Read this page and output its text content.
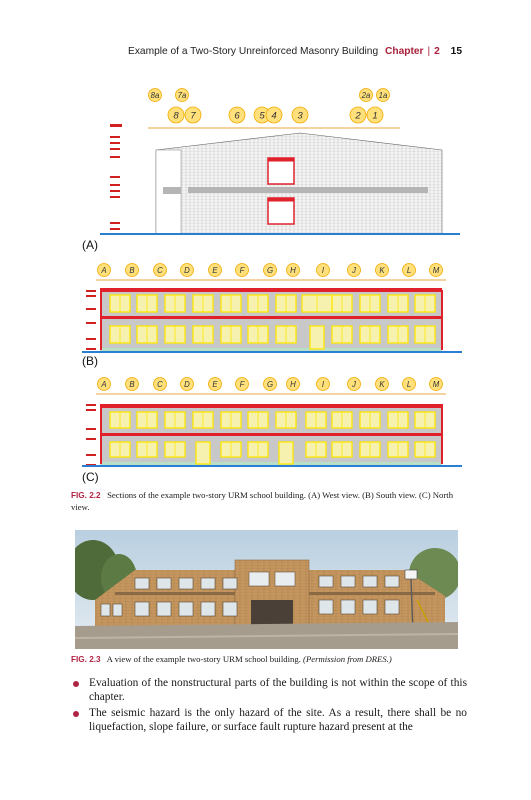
Example of a Two-Story Unreinforced Masonry Building Chapter | 2 15
8a 7a	2a 1a
8 7	6 5 4 3	2 1
(A)
A	B	C	D	E	F	G H	I	J	K	L	M
(B)
A	B	C	D	E	F	G H	I	J	K	L	M
(C)
FIG. 2.2 Sections of the example two-story URM school building. (A) West view. (B) South view. (C) North view.
FIG. 2.3 A view of the example two-story URM school building. (Permission from DRES.)
Evaluation of the nonstructural parts of the building is not within the scope of this chapter.
The seismic hazard is the only hazard of the site. As a result, there shall be no liquefaction, slope failure, or surface fault rupture hazard present at the
